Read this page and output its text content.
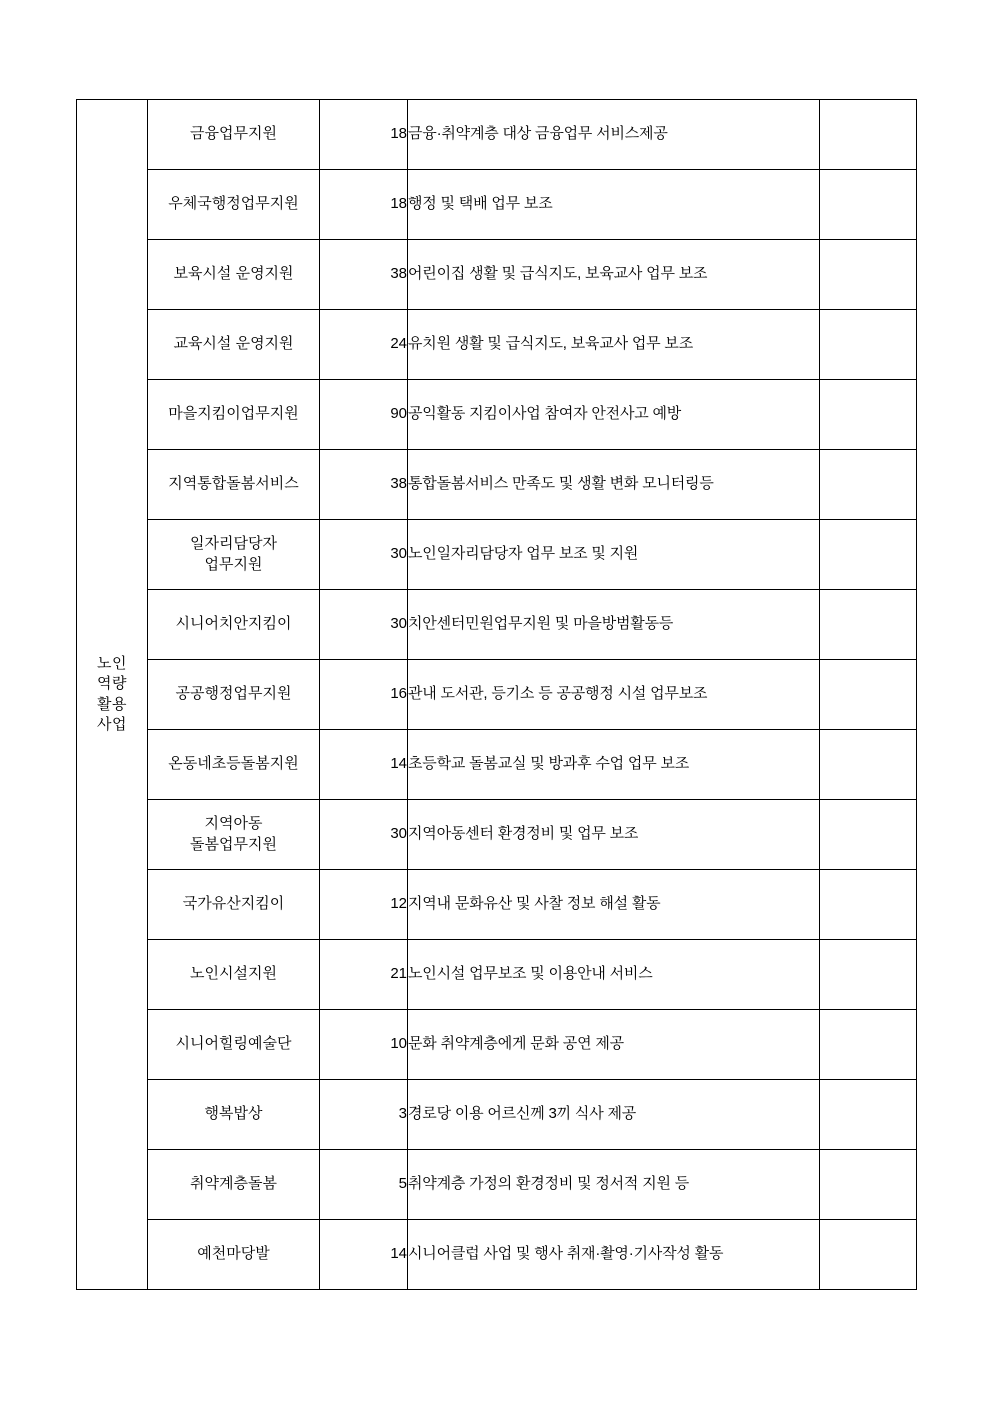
노인
역량
활용
사업	금융업무지원	18	금융·취약계층 대상 금융업무 서비스제공	

	우체국행정업무지원	18	행정 및 택배 업무 보조	

	보육시설 운영지원	38	어린이집 생활 및 급식지도, 보육교사 업무 보조	

	교육시설 운영지원	24	유치원 생활 및 급식지도, 보육교사 업무 보조	

	마을지킴이업무지원	90	공익활동 지킴이사업 참여자 안전사고 예방	

	지역통합돌봄서비스	38	통합돌봄서비스 만족도 및 생활 변화 모니터링등	

	일자리담당자
업무지원	30	노인일자리담당자 업무 보조 및 지원	

	시니어치안지킴이	30	치안센터민원업무지원 및 마을방범활동등	

	공공행정업무지원	16	관내 도서관, 등기소 등 공공행정 시설 업무보조	

	온동네초등돌봄지원	14	초등학교 돌봄교실 및 방과후 수업 업무 보조	

	지역아동
돌봄업무지원	30	지역아동센터 환경정비 및 업무 보조	

	국가유산지킴이	12	지역내 문화유산 및 사찰 정보 해설 활동	

	노인시설지원	21	노인시설 업무보조 및 이용안내 서비스	

	시니어힐링예술단	10	문화 취약계층에게 문화 공연 제공	

	행복밥상	3	경로당 이용 어르신께 3끼 식사 제공	

	취약계층돌봄	5	취약계층 가정의 환경정비 및 정서적 지원 등	

	예천마당발	14	시니어클럽 사업 및 행사 취재·촬영·기사작성 활동	
